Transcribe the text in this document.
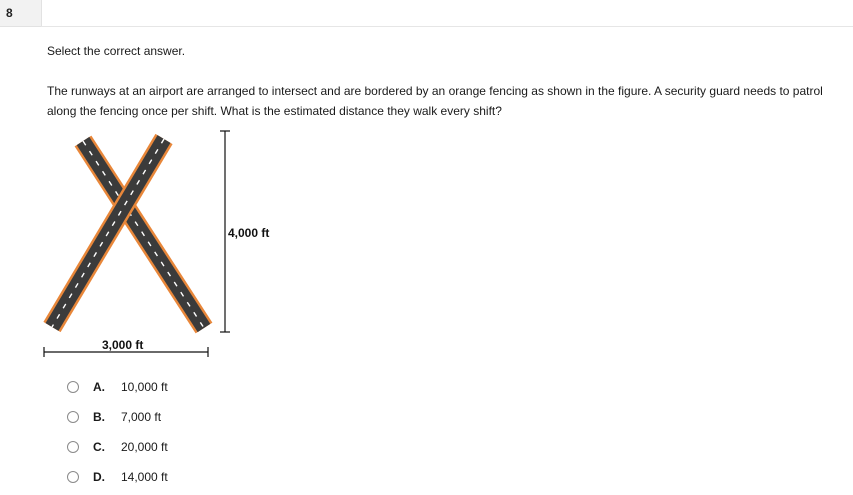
8
Select the correct answer.
The runways at an airport are arranged to intersect and are bordered by an orange fencing as shown in the figure. A security guard needs to patrol along the fencing once per shift. What is the estimated distance they walk every shift?
4,000 ft
3,000 ft
A.	10,000 ft
B.	7,000 ft
C.	20,000 ft
D.	14,000 ft
